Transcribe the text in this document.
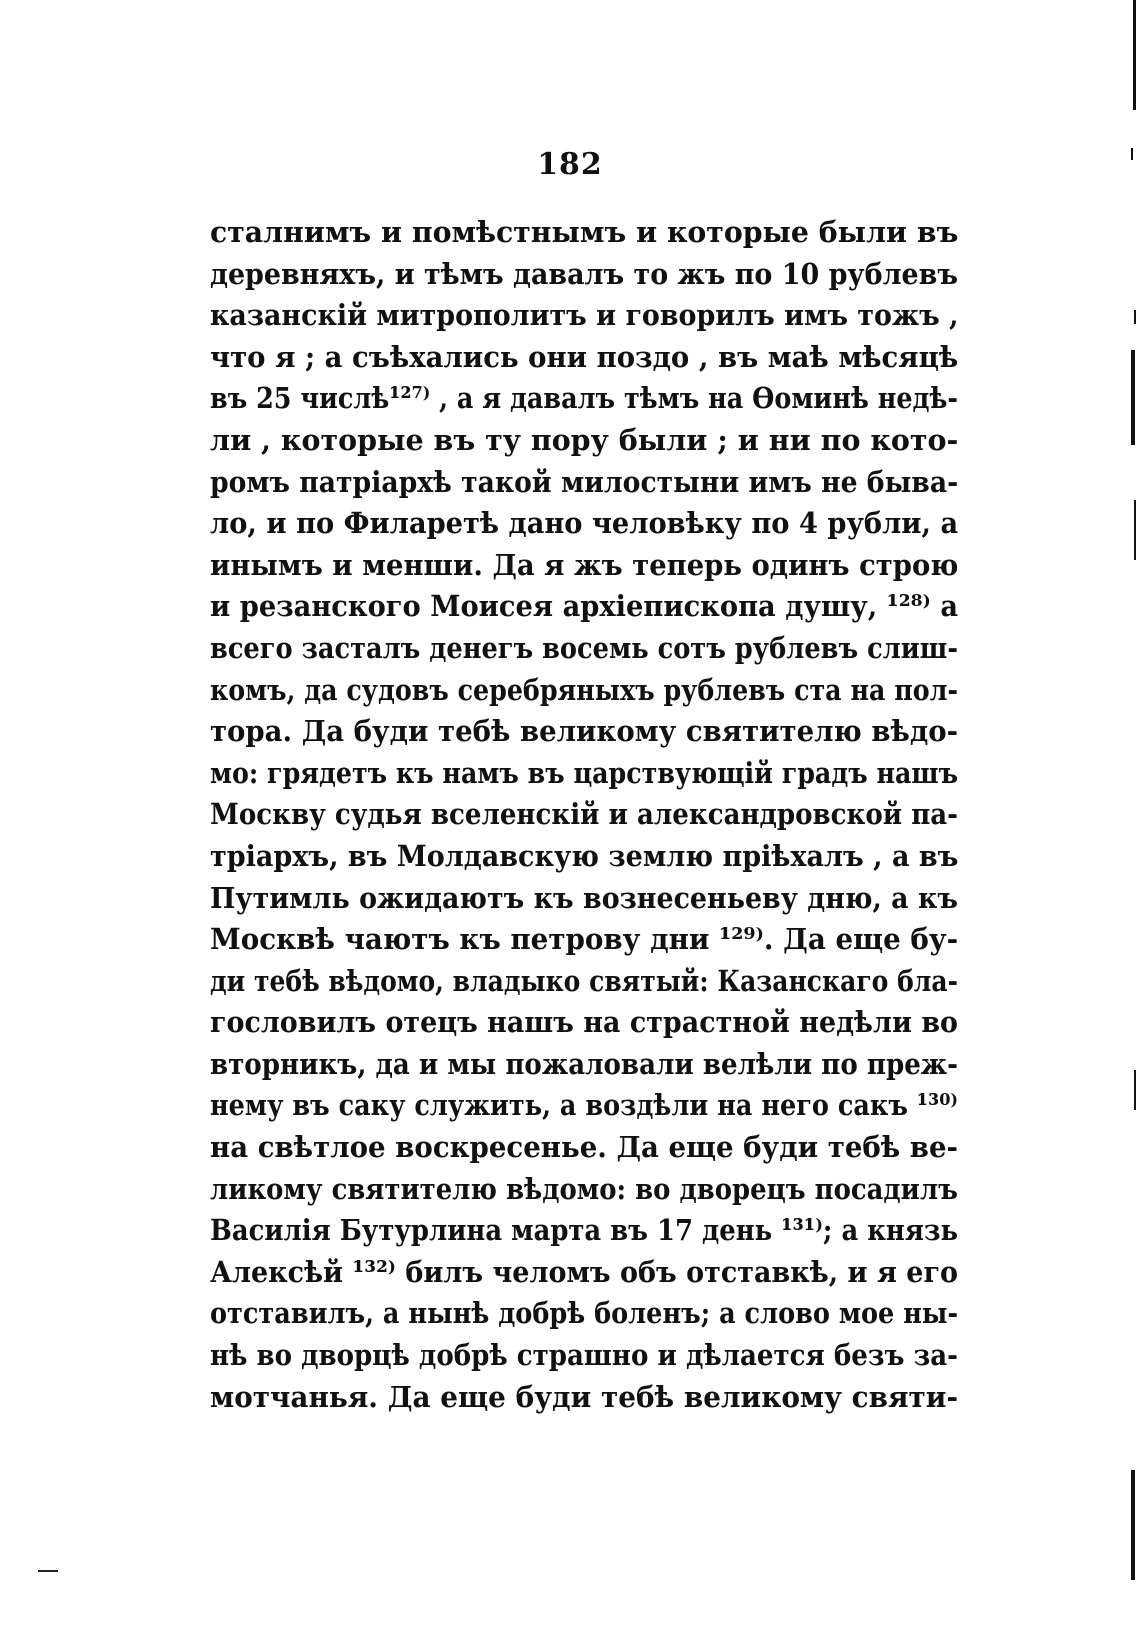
182
сталнимъ и помѣстнымъ и которые были въ
деревняхъ, и тѣмъ давалъ то жъ по 10 рублевъ
казанскій митрополитъ и говорилъ имъ тожъ ,
что я ; а съѣхались они поздо , въ маѣ мѣсяцѣ
въ 25 числѣ¹²⁷⁾ , а я давалъ тѣмъ на Ѳоминѣ недѣ-
ли , которые въ ту пору были ; и ни по кото-
ромъ патріархѣ такой милостыни имъ не быва-
ло, и по Филаретѣ дано человѣку по 4 рубли, а
инымъ и менши. Да я жъ теперь одинъ строю
и резанского Моисея архіепископа душу, ¹²⁸⁾ а
всего засталъ денегъ восемь сотъ рублевъ слиш-
комъ, да судовъ серебряныхъ рублевъ ста на пол-
тора. Да буди тебѣ великому святителю вѣдо-
мо: грядетъ къ намъ въ царствующій градъ нашъ
Москву судья вселенскій и александровской па-
тріархъ, въ Молдавскую землю пріѣхалъ , а въ
Путимль ожидаютъ къ вознесеньеву дню, а къ
Москвѣ чаютъ къ петрову дни ¹²⁹⁾. Да еще бу-
ди тебѣ вѣдомо, владыко святый: Казанскаго бла-
гословилъ отецъ нашъ на страстной недѣли во
вторникъ, да и мы пожаловали велѣли по преж-
нему въ саку служить, а воздѣли на него сакъ ¹³⁰⁾
на свѣтлое воскресенье. Да еще буди тебѣ ве-
ликому святителю вѣдомо: во дворецъ посадилъ
Василія Бутурлина марта въ 17 день ¹³¹⁾; а князь
Алексѣй ¹³²⁾ билъ челомъ объ отставкѣ, и я его
отставилъ, а нынѣ добрѣ боленъ; а слово мое ны-
нѣ во дворцѣ добрѣ страшно и дѣлается безъ за-
мотчанья. Да еще буди тебѣ великому святи-
